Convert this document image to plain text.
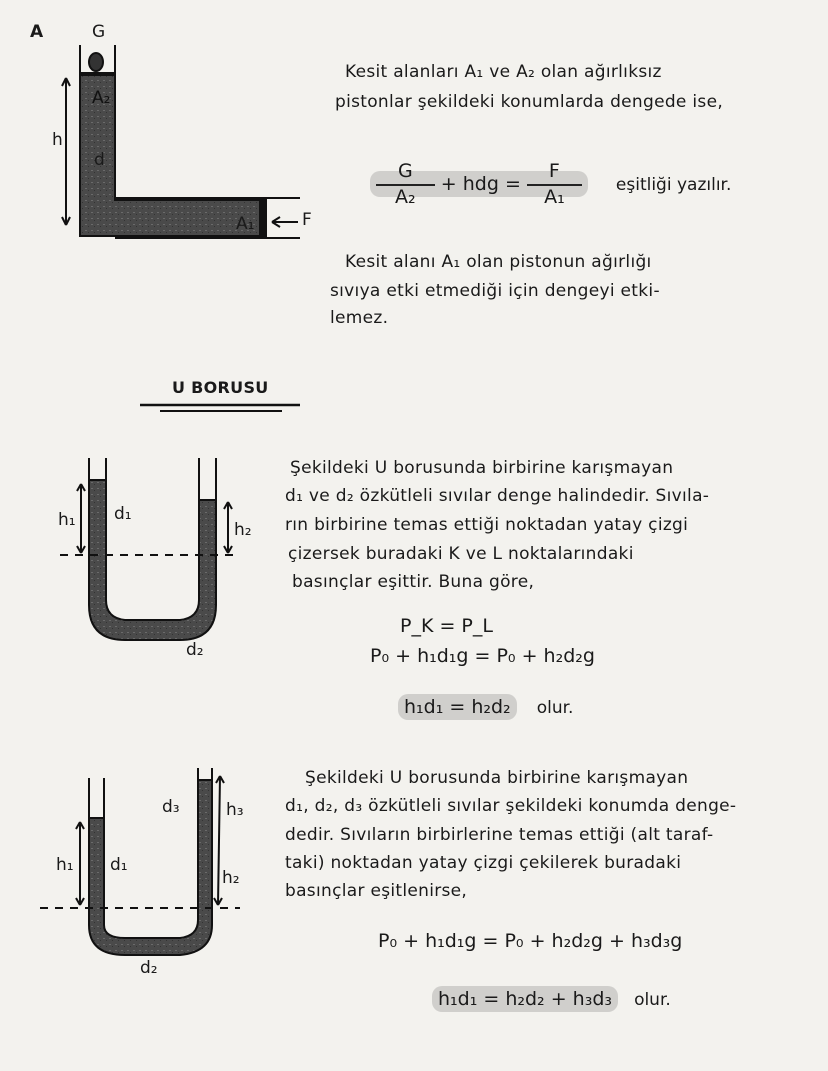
A	G
A₂
h
d
A₁	F
Kesit alanları A₁ ve A₂ olan ağırlıksız
pistonlar şekildeki konumlarda dengede ise,
$\frac{G}{\text{A₂}}$ + hdg = $\frac{F}{\text{A₁}}$ eşitliği yazılır.
Kesit alanı A₁ olan pistonun ağırlığı
sıvıya etki etmediği için dengeyi etki-
lemez.
U BORUSU
h₁ d₁
h₂
d₂
Şekildeki U borusunda birbirine karışmayan
d₁ ve d₂ özkütleli sıvılar denge halindedir. Sıvıla-
rın birbirine temas ettiği noktadan yatay çizgi
çizersek buradaki K ve L noktalarındaki
basınçlar eşittir. Buna göre,
P_K = P_L
P₀ + h₁d₁g = P₀ + h₂d₂g
h₁d₁ = h₂d₂ olur.
h₁ d₁
d₃	h₃
h₂
d₂
Şekildeki U borusunda birbirine karışmayan
d₁, d₂, d₃ özkütleli sıvılar şekildeki konumda denge-
dedir. Sıvıların birbirlerine temas ettiği (alt taraf-
taki) noktadan yatay çizgi çekilerek buradaki
basınçlar eşitlenirse,
P₀ + h₁d₁g = P₀ + h₂d₂g + h₃d₃g
h₁d₁ = h₂d₂ + h₃d₃ olur.
